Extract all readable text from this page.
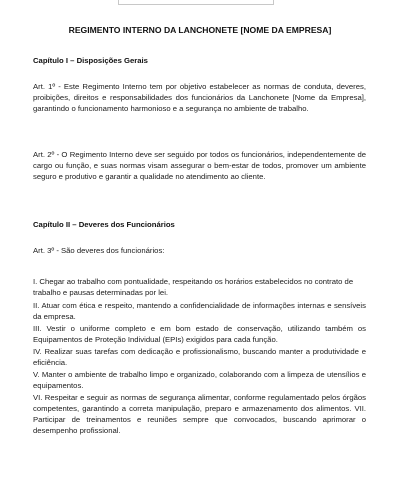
REGIMENTO INTERNO DA LANCHONETE [NOME DA EMPRESA]
Capítulo I – Disposições Gerais
Art. 1º - Este Regimento Interno tem por objetivo estabelecer as normas de conduta, deveres, proibições, direitos e responsabilidades dos funcionários da Lanchonete [Nome da Empresa], garantindo o funcionamento harmonioso e a segurança no ambiente de trabalho.
Art. 2º - O Regimento Interno deve ser seguido por todos os funcionários, independentemente de cargo ou função, e suas normas visam assegurar o bem-estar de todos, promover um ambiente seguro e produtivo e garantir a qualidade no atendimento ao cliente.
Capítulo II – Deveres dos Funcionários
Art. 3º - São deveres dos funcionários:
I. Chegar ao trabalho com pontualidade, respeitando os horários estabelecidos no contrato de trabalho e pausas determinadas por lei.
II. Atuar com ética e respeito, mantendo a confidencialidade de informações internas e sensíveis da empresa.
III. Vestir o uniforme completo e em bom estado de conservação, utilizando também os Equipamentos de Proteção Individual (EPIs) exigidos para cada função.
IV. Realizar suas tarefas com dedicação e profissionalismo, buscando manter a produtividade e eficiência.
V. Manter o ambiente de trabalho limpo e organizado, colaborando com a limpeza de utensílios e equipamentos.
VI. Respeitar e seguir as normas de segurança alimentar, conforme regulamentado pelos órgãos competentes, garantindo a correta manipulação, preparo e armazenamento dos alimentos. VII. Participar de treinamentos e reuniões sempre que convocados, buscando aprimorar o desempenho profissional.
